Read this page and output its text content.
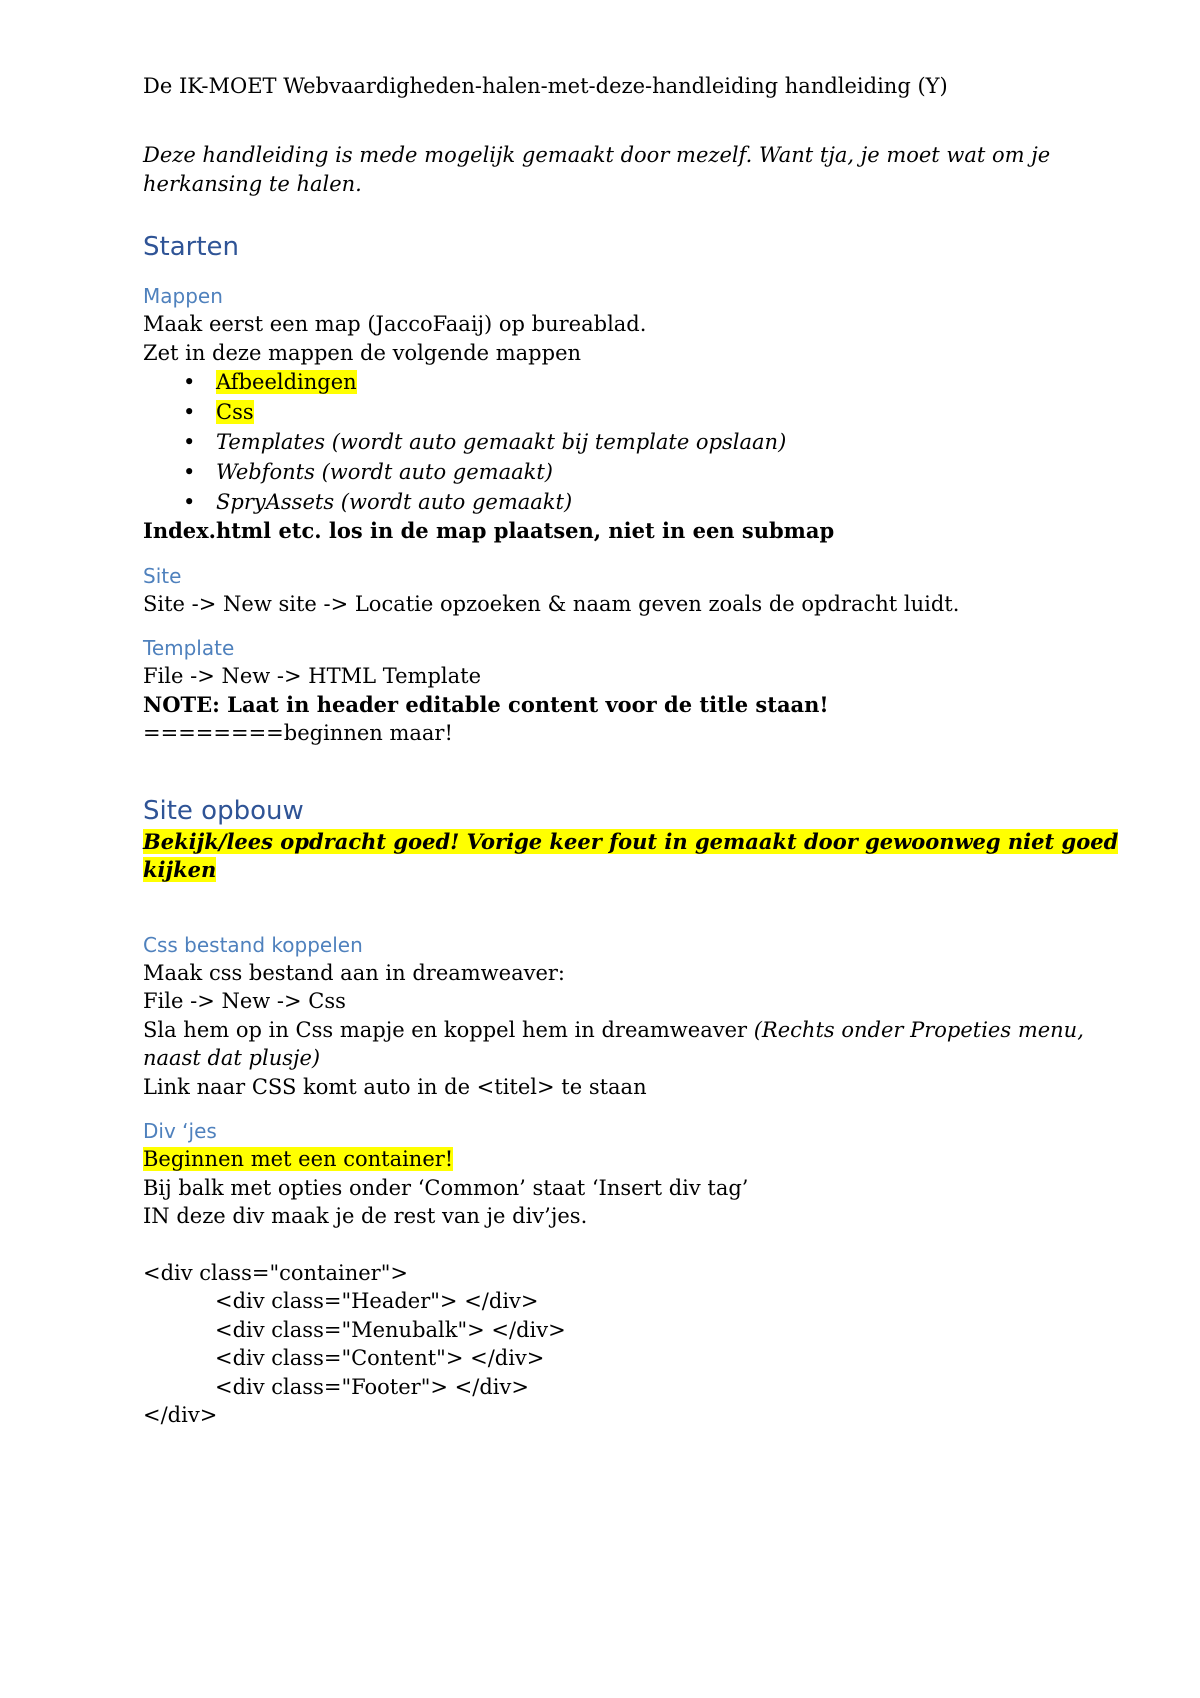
De IK-MOET Webvaardigheden-halen-met-deze-handleiding handleiding (Y)
Deze handleiding is mede mogelijk gemaakt door mezelf. Want tja, je moet wat om je
herkansing te halen.
Starten
Mappen
Maak eerst een map (JaccoFaaij) op bureablad.
Zet in deze mappen de volgende mappen
• Afbeeldingen
• Css
• Templates (wordt auto gemaakt bij template opslaan)
• Webfonts (wordt auto gemaakt)
• SpryAssets (wordt auto gemaakt)
Index.html etc. los in de map plaatsen, niet in een submap
Site
Site -> New site -> Locatie opzoeken & naam geven zoals de opdracht luidt.
Template
File -> New -> HTML Template
NOTE: Laat in header editable content voor de title staan!
========beginnen maar!
Site opbouw
Bekijk/lees opdracht goed! Vorige keer fout in gemaakt door gewoonweg niet goed
kijken
Css bestand koppelen
Maak css bestand aan in dreamweaver:
File -> New -> Css
Sla hem op in Css mapje en koppel hem in dreamweaver (Rechts onder Propeties menu,
naast dat plusje)
Link naar CSS komt auto in de <titel> te staan
Div ‘jes
Beginnen met een container!
Bij balk met opties onder ‘Common’ staat ‘Insert div tag’
IN deze div maak je de rest van je div’jes.
<div class="container">
<div class="Header"> </div>
<div class="Menubalk"> </div>
<div class="Content"> </div>
<div class="Footer"> </div>
</div>
